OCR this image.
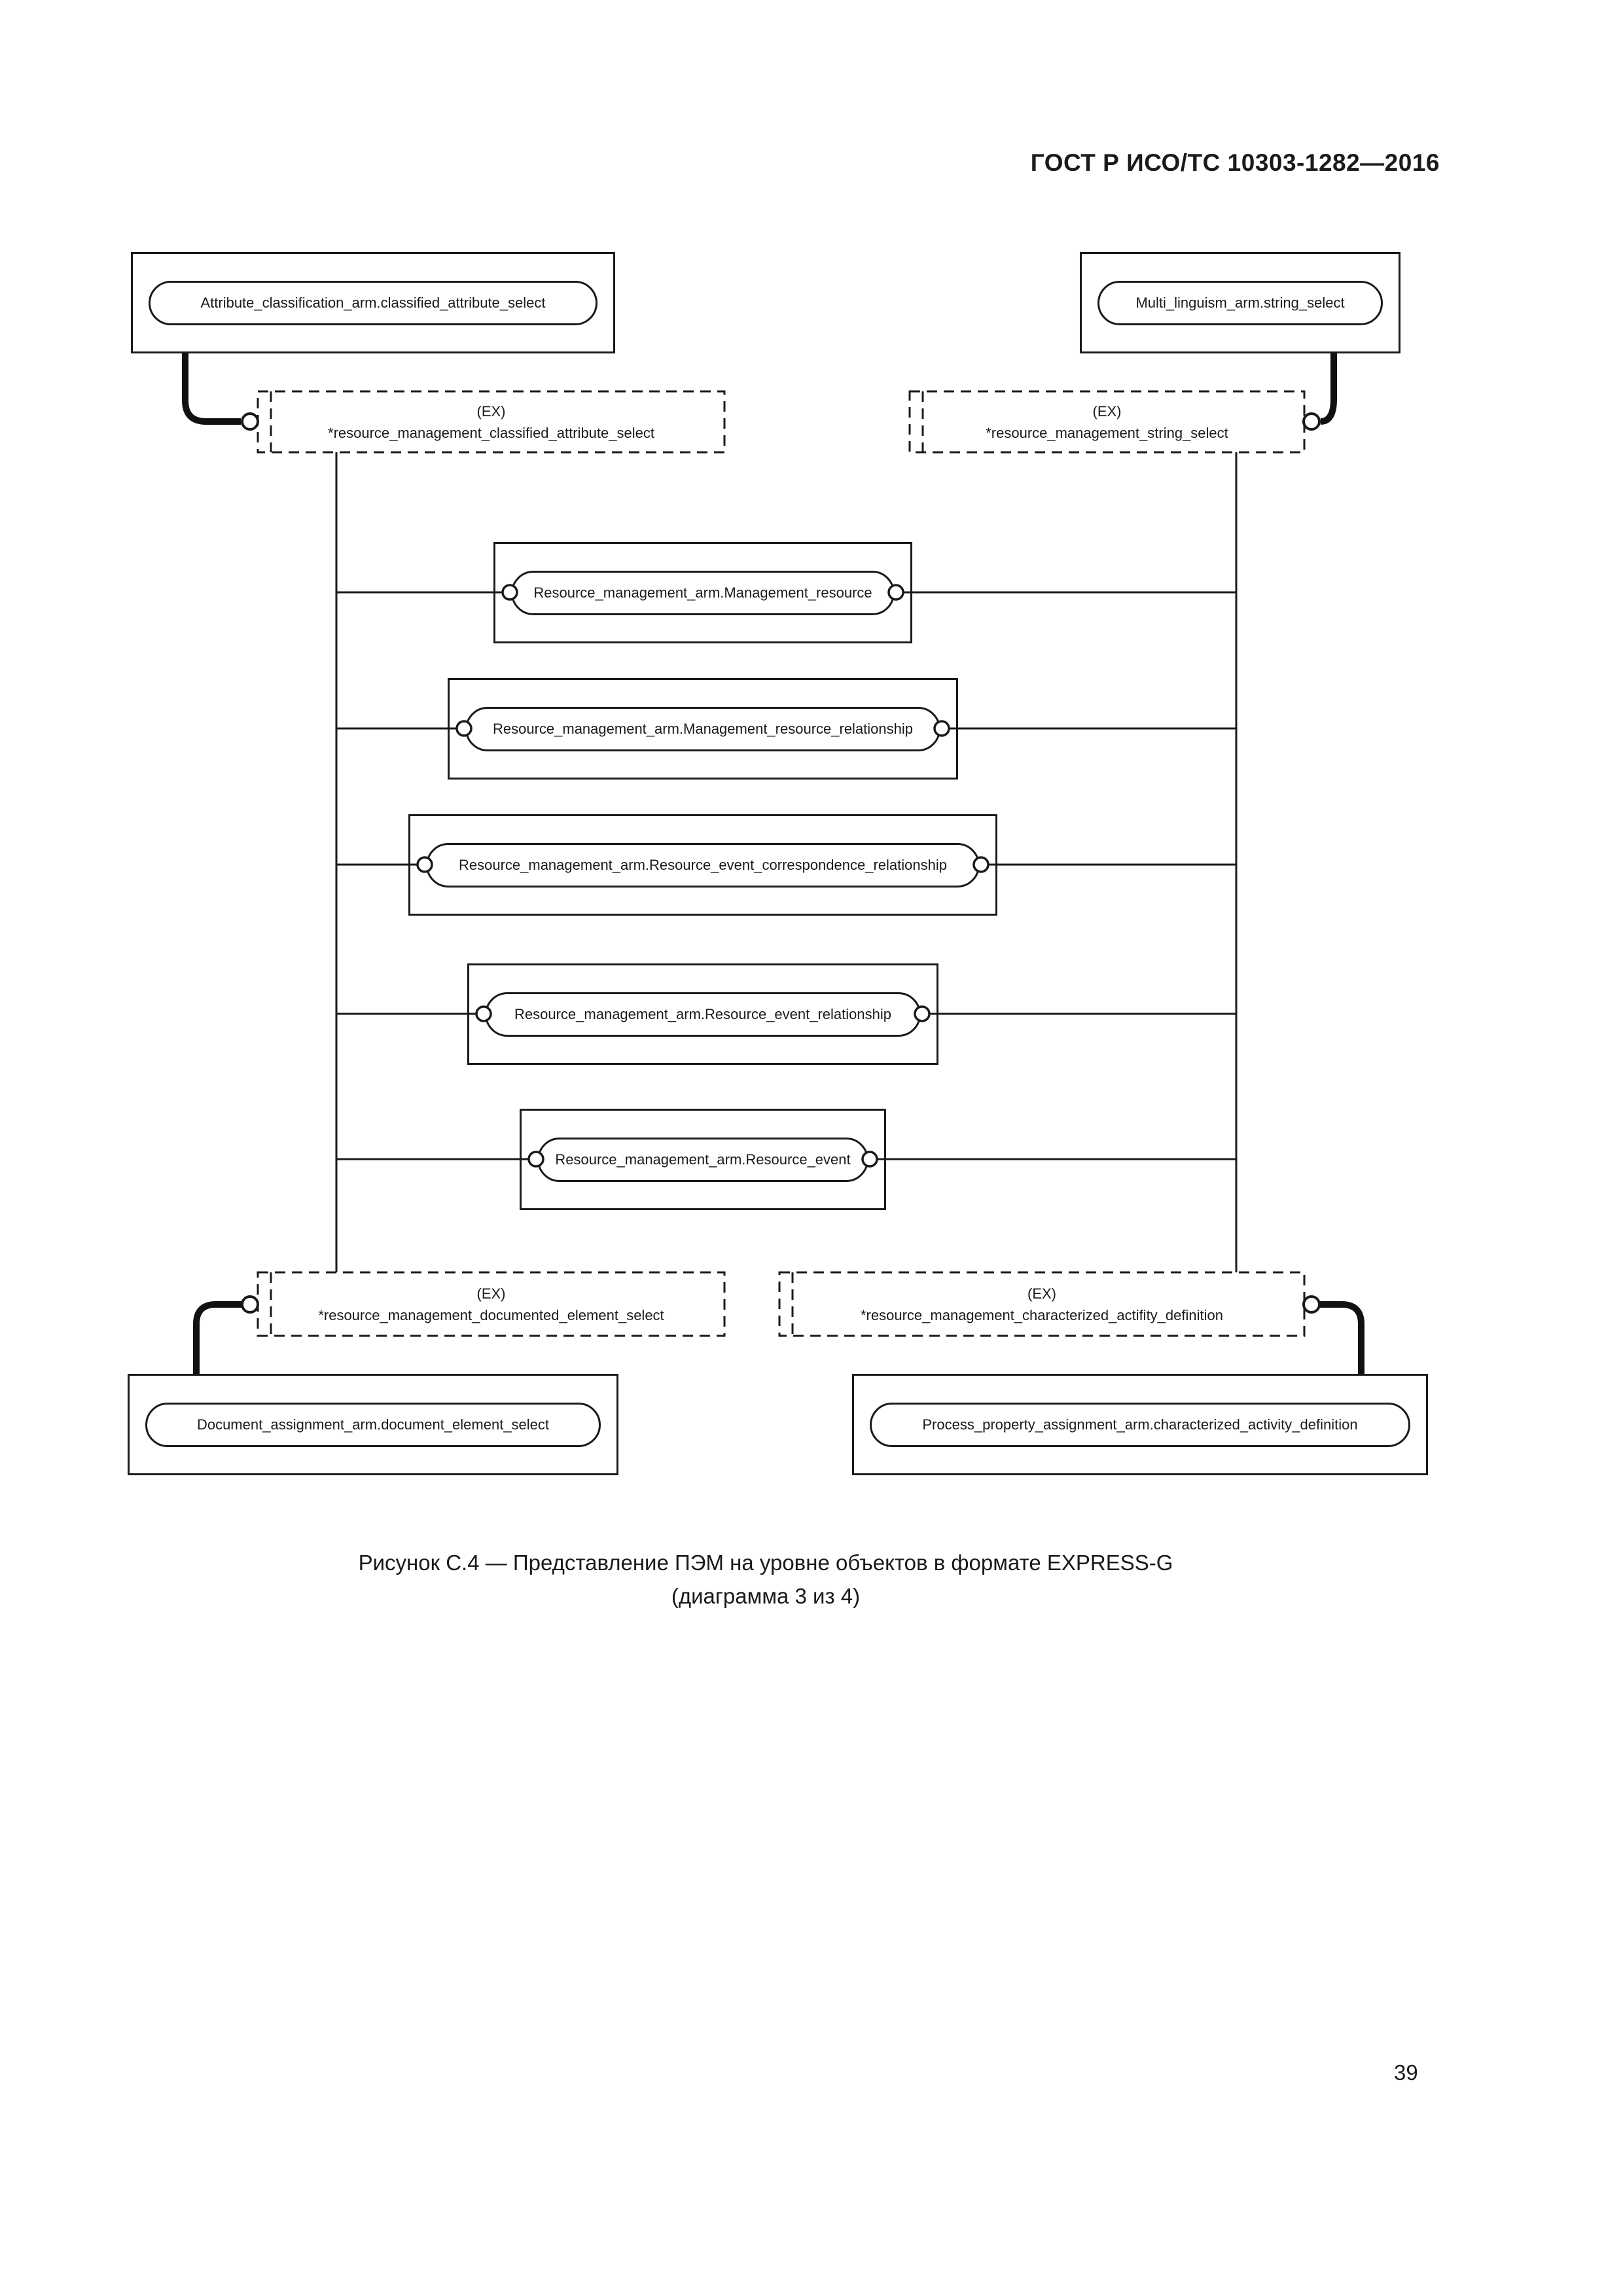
ГОСТ Р ИСО/ТС 10303-1282—2016
Attribute_classification_arm.classified_attribute_select	Multi_linguism_arm.string_select
(EX)
*resource_management_classified_attribute_select
(EX)
*resource_management_string_select
Resource_management_arm.Management_resource
Resource_management_arm.Management_resource_relationship
Resource_management_arm.Resource_event_correspondence_relationship
Resource_management_arm.Resource_event_relationship
Resource_management_arm.Resource_event
(EX)
*resource_management_documented_element_select
(EX)
*resource_management_characterized_actifity_definition
Document_assignment_arm.document_element_select	Process_property_assignment_arm.characterized_activity_definition
Рисунок С.4 — Представление ПЭМ на уровне объектов в формате EXPRESS-G
(диаграмма 3 из 4)
39
